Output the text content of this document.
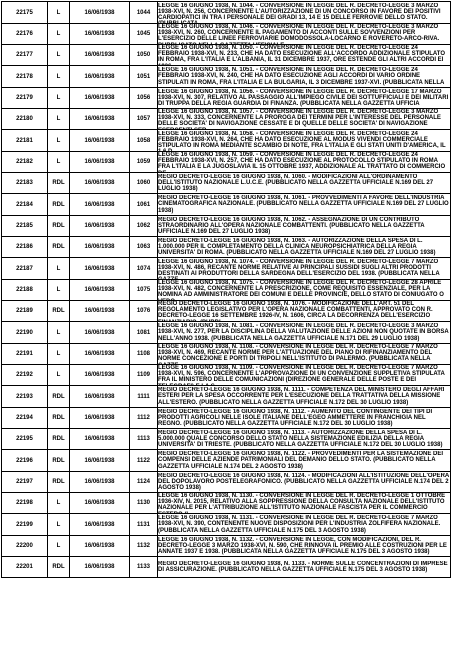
22175	L	16/06/1938	1044	LEGGE 16 GIUGNO 1938, N. 1044. - CONVERSIONE IN LEGGE DEL R. DECRETO-LEGGE 3 MARZO 1938-XVI, N. 256, CONCERNENTE L'AUTORIZZAZIONE DI UN CONCORSO IN FAVORE DEI POSITIVI CARDIOPATICI IN TRA I PERSONALE DEI GRADI 13, 14 E 15 DELLE FERROVIE DELLO STATO.

22176	L	16/06/1938	1045	LEGGE 16 GIUGNO 1938, N. 1046. - CONVERSIONE IN LEGGE DEL R. DECRETO-LEGGE 3 MARZO 1938-XVI, N. 260, CONCERNENTE IL PAGAMENTO DI ACCONTI SULLE SOVVENZIONI PER L'ESERCIZIO DELLE LINEE FERROVIARIE DOMODOSSOLA-LOCARNO E ROVERETO-ARCO-RIVA.

22177	L	16/06/1938	1050	LEGGE 16 GIUGNO 1938, N. 1050. - CONVERSIONE IN LEGGE DEL R. DECRETO-LEGGE 24 FEBBRAIO 1938-XVI, N. 233, CHE HA DATO ESECUZIONE ALL'ACCORDO ADDIZIONALE STIPULATO IN ROMA, FRA L'ITALIA E L'ALBANIA, IL 31 DICEMBRE 1937, ORE ESTENDE GLI ALTRI ACCORDI EI

22178	L	16/06/1938	1051	LEGGE 16 GIUGNO 1938, N. 1051. - CONVERSIONE IN LEGGE DEL R. DECRETO-LEGGE 24 FEBBRAIO 1938-XVI, N. 240, CHE HA DATO ESECUZIONE AGLI ACCORDI DI VARIO ORDINE STIPULATI IN ROMA, FRA L'ITALIA E LA BULGARIA, IL 3 DICEMBRE 1937-XVI. (PUBBLICATA NELLA

22179	L	16/06/1938	1056	LEGGE 16 GIUGNO 1938, N. 1056. - CONVERSIONE IN LEGGE DEL R. DECRETO-LEGGE 17 MARZO 1938-XVI, N. 307, RELATIVO AL PASSAGGIO ALL'IMPIEGO CIVILE DEI SOTTUFFICIALI E DEI MILITARI DI TRUPPA DELLA REGIA GUARDIA DI FINANZA. (PUBBLICATA NELLA GAZZETTA UFFICIA

22180	L	16/06/1938	1057	LEGGE 16 GIUGNO 1938, N. 1057. - CONVERSIONE IN LEGGE DEL R. DECRETO-LEGGE 3 MARZO 1938-XVI, N. 333, CONCERNENTE LA PROROGA DEI TERMINI PER L'INTERESSE DEL PERSONALE DELLE SOCIETA' DI NAVIGAZIONE CESSATE E DI QUELLE DELLE SOCIETA' DI NAVIGAZIONE

22181	L	16/06/1938	1058	LEGGE 16 GIUGNO 1938, N. 1058. - CONVERSIONE IN LEGGE DEL R. DECRETO-LEGGE 24 FEBBRAIO 1938-XVI, N. 264, CHE HA DATO ESECUZIONE AL MODUS VIVENDI COMMERCIALE STIPULATO IN ROMA MEDIANTE SCAMBIO DI NOTE, FRA L'ITALIA E GLI STATI UNITI D'AMERICA, IL

22182	L	16/06/1938	1059	LEGGE 16 GIUGNO 1938, N. 1059. - CONVERSIONE IN LEGGE DEL R. DECRETO-LEGGE 24 FEBBRAIO 1938-XVI, N. 257, CHE HA DATO ESECUZIONE AL PROTOCOLLO STIPULATO IN ROMA FRA L'ITALIA E LA JUGOSLAVIA IL 15 OTTOBRE 1937, ADDIZIONALE AL TRATTATO DI COMMERCIO

22183	RDL	16/06/1938	1060	REGIO DECRETO-LEGGE 16 GIUGNO 1938, N. 1060. - MODIFICAZIONI ALL'ORDINAMENTO DELL'ISTITUTO NAZIONALE L.U.C.E. (PUBBLICATO NELLA GAZZETTA UFFICIALE N.169 DEL 27 LUGLIO 1938)

22184	RDL	16/06/1938	1061	REGIO DECRETO-LEGGE 16 GIUGNO 1938, N. 1061. - PROVVEDIMENTI A FAVORE DELL'INDUSTRIA CINEMATOGRAFICA NAZIONALE. (PUBBLICATO NELLA GAZZETTA UFFICIALE N.169 DEL 27 LUGLIO 1938)

22185	RDL	16/06/1938	1062	REGIO DECRETO-LEGGE 16 GIUGNO 1938, N. 1062. - ASSEGNAZIONE DI UN CONTRIBUTO STRAORDINARIO ALL'OPERA NAZIONALE COMBATTENTI. (PUBBLICATO NELLA GAZZETTA UFFICIALE N.169 DEL 27 LUGLIO 1938)

22186	RDL	16/06/1938	1063	REGIO DECRETO-LEGGE 16 GIUGNO 1938, N. 1063. - AUTORIZZAZIONE DELLA SPESA DI L. 1.000.000 PER IL COMPLETAMENTO DELLA CLINICA NEUROPSICHIATRICA DELLA REGIA UNIVERSITA' DI ROMA. (PUBBLICATO NELLA GAZZETTA UFFICIALE N.169 DEL 27 LUGLIO 1938)

22187	L	16/06/1938	1074	LEGGE 16 GIUGNO 1938, N. 1074. - CONVERSIONE IN LEGGE DEL R. DECRETO-LEGGE 7 MARZO 1938-XVI, N. 486, RECANTE NORME RELATIVE AI PRINCIPALI SUSSIDI SUGLI ALTRI PRODOTTI DESTINATI AI PRODUTTORI DELLA SARDEGNA DELL'ESERCIZIO DEL 1938. (PUBBLICATA NELLA

22188	L	16/06/1938	1075	LEGGE 16 GIUGNO 1938, N. 1075. - CONVERSIONE IN LEGGE DEL R. DECRETO-LEGGE 28 APRILE 1938-XVI, N. 482, CONCERNENTE LA PRESCRIZIONE, COME REQUISITO ESSENZIALE, PER LA NOMINA AD AMMINISTRATORE DEI COMUNI E DELLE PROVINCIE, DELLO STATO DI CONIUGATO O

22189	RDL	16/06/1938	1076	REGIO DECRETO-LEGGE 16 GIUGNO 1938, N. 1076. - MODIFICAZIONE DELL'ART. 51 DEL REGOLAMENTO LEGISLATIVO PER L'OPERA NAZIONALE COMBATTENTI, APPROVATO CON R. DECRETO-LEGGE 16 SETTEMBRE 1926-IV, N. 1606, CIRCA LA DECORRENZA DELL'ESERCIZIO

22190	L	16/06/1938	1081	LEGGE 16 GIUGNO 1938, N. 1081. - CONVERSIONE IN LEGGE DEL R. DECRETO-LEGGE 3 MARZO 1938-XVI, N. 277, PER LA DISCIPLINA DELLA VALUTAZIONE DELLE AZIONI NON QUOTATE IN BORSA NELL'ANNO 1938. (PUBBLICATA NELLA GAZZETTA UFFICIALE N.171 DEL 29 LUGLIO 1938)

22191	L	16/06/1938	1108	LEGGE 16 GIUGNO 1938, N. 1108. - CONVERSIONE IN LEGGE DEL R. DECRETO-LEGGE 7 MARZO 1938-XVI, N. 469, RECANTE NORME PER L'ATTUAZIONE DEL PIANO DI RIFINANZIAMENTO DEL NORME CONCEZIONE E PORTI DI TRIPOLI NELL'ISTITUTO DI PALERMO. (PUBBLICATA NELLA

22192	L	16/06/1938	1109	LEGGE 16 GIUGNO 1938, N. 1109. - CONVERSIONE IN LEGGE DEL R. DECRETO-LEGGE 7 MARZO 1938-XVI, N. 596, CONCERNENTE L'APPROVAZIONE DI UN CONVENZIONE SUPPLETIVA STIPULATA FRA IL MINISTERO DELLE COMUNICAZIONI (DIREZIONE GENERALE DELLE POSTE E DEI

22193	RDL	16/06/1938	1111	REGIO DECRETO-LEGGE 16 GIUGNO 1938, N. 1111. - COMPETENZA DEL MINISTERO DEGLI AFFARI ESTERI PER LA SPESA OCCORRENTE PER L'ESECUZIONE DELLA TRATTATIVA DELLA MISSIONE ALL'ESTERO. (PUBBLICATO NELLA GAZZETTA UFFICIALE N.172 DEL 30 LUGLIO 1938)

22194	RDL	16/06/1938	1112	REGIO DECRETO-LEGGE 16 GIUGNO 1938, N. 1112. - AUMENTO DEL CONTINGENTE DEI TIPI DI PRODOTTI AGRICOLI NELLE ISOLE ITALIANE DELL'EGEO AMMETTERE IN FRANCHIGIA NEL REGNO. (PUBBLICATO NELLA GAZZETTA UFFICIALE N.172 DEL 30 LUGLIO 1938)

22195	RDL	16/06/1938	1113	REGIO DECRETO-LEGGE 16 GIUGNO 1938, N. 1113. - AUTORIZZAZIONE DELLA SPESA DI L. 5.000.000 QUALE CONCORSO DELLO STATO NELLA SISTEMAZIONE EDILIZIA DELLA REGIA UNIVERSITA' DI TRIESTE. (PUBBLICATO NELLA GAZZETTA UFFICIALE N.172 DEL 30 LUGLIO 1938)

22196	RDL	16/06/1938	1122	REGIO DECRETO-LEGGE 16 GIUGNO 1938, N. 1122. - PROVVEDIMENTI PER LA SISTEMAZIONE DEI COMPENSI DELLE AZIENDE PATRIMONIALI DEL DEMANIO DELLO STATO. (PUBBLICATO NELLA GAZZETTA UFFICIALE N.174 DEL 2 AGOSTO 1938)

22197	RDL	16/06/1938	1124	REGIO DECRETO-LEGGE 16 GIUGNO 1938, N. 1124. - MODIFICAZIONI ALL'ISTITUZIONE DELL'OPERA DEL DOPOLAVORO POSTELEGRAFONICO. (PUBBLICATO NELLA GAZZETTA UFFICIALE N.174 DEL 2 AGOSTO 1938)

22198	L	16/06/1938	1130	LEGGE 16 GIUGNO 1938, N. 1130. - CONVERSIONE IN LEGGE DEL R. DECRETO-LEGGE 1 OTTOBRE 1936-XIV, N. 2015, RELATIVO ALLA SOPPRESSIONE DELLA CONSULTA NAZIONALE DELL'ISTITUTO NAZIONALE PER L'ATTRIBUZIONE ALL'ISTITUTO NAZIONALE FASCISTA PER IL COMMERCIO

22199	L	16/06/1938	1131	LEGGE 16 GIUGNO 1938, N. 1131. - CONVERSIONE IN LEGGE DEL R. DECRETO-LEGGE 7 MARZO 1938-XVI, N. 390, CONTENENTE NUOVE DISPOSIZIONI PER L'INDUSTRIA ZOLFIFERA NAZIONALE. (PUBBLICATA NELLA GAZZETTA UFFICIALE N.175 DEL 3 AGOSTO 1938)

22200	L	16/06/1938	1132	LEGGE 16 GIUGNO 1938, N. 1132. - CONVERSIONE IN LEGGE, CON MODIFICAZIONI, DEL R. DECRETO-LEGGE 3 MARZO 1938-XVI, N. 590, CHE RINNOVA IL PREMIO ALLE COSTRUZIONI PER LE ANNATE 1937 E 1938. (PUBBLICATA NELLA GAZZETTA UFFICIALE N.175 DEL 3 AGOSTO 1938)

22201	RDL	16/06/1938	1133	REGIO DECRETO-LEGGE 16 GIUGNO 1938, N. 1133. - NORME SULLE CONCENTRAZIONI DI IMPRESE DI ASSICURAZIONE. (PUBBLICATO NELLA GAZZETTA UFFICIALE N.175 DEL 3 AGOSTO 1938)
